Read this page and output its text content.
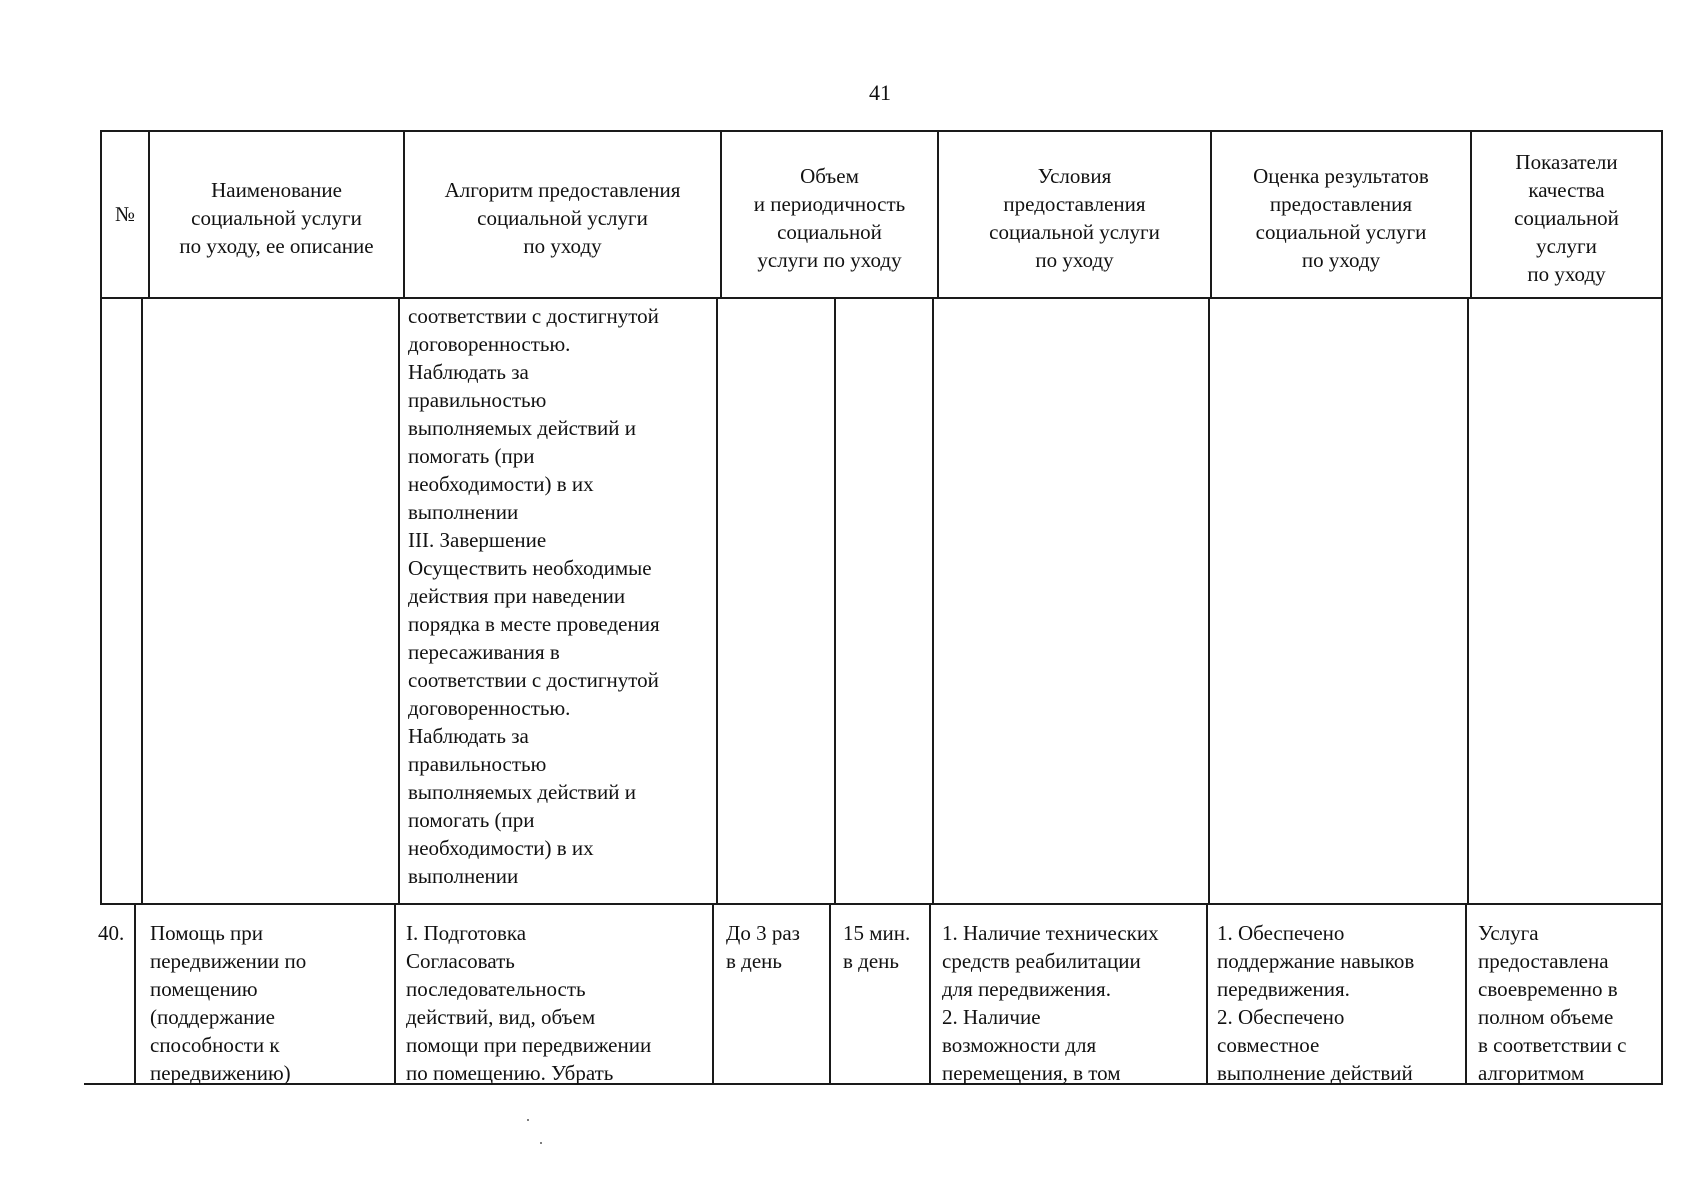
41
№
Наименование
социальной услуги
по уходу, ее описание
Алгоритм предоставления
социальной услуги
по уходу
Объем
и периодичность
социальной
услуги по уходу
Условия
предоставления
социальной услуги
по уходу
Оценка результатов
предоставления
социальной услуги
по уходу
Показатели
качества
социальной
услуги
по уходу
соответствии с достигнутой
договоренностью.
Наблюдать за
правильностью
выполняемых действий и
помогать (при
необходимости) в их
выполнении
III. Завершение
Осуществить необходимые
действия при наведении
порядка в месте проведения
пересаживания в
соответствии с достигнутой
договоренностью.
Наблюдать за
правильностью
выполняемых действий и
помогать (при
необходимости) в их
выполнении
40.	Помощь при
передвижении по
помещению
(поддержание
способности к
передвижению)
I. Подготовка
Согласовать
последовательность
действий, вид, объем
помощи при передвижении
по помещению. Убрать
До 3 раз
в день
15 мин.
в день
1. Наличие технических
средств реабилитации
для передвижения.
2. Наличие
возможности для
перемещения, в том
1. Обеспечено
поддержание навыков
передвижения.
2. Обеспечено
совместное
выполнение действий
Услуга
предоставлена
своевременно в
полном объеме
в соответствии с
алгоритмом
